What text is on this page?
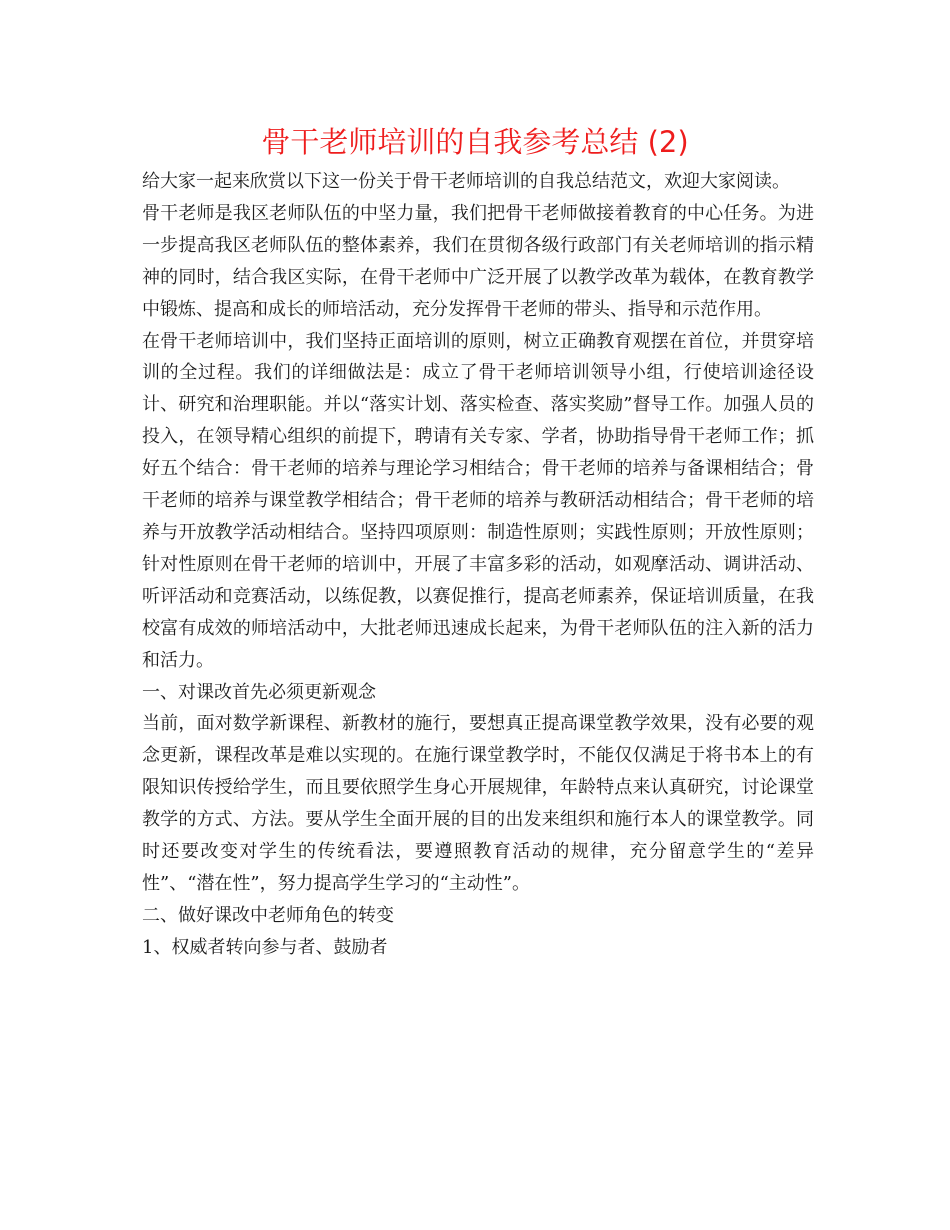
骨干老师培训的自我参考总结 (2)

给大家一起来欣赏以下这一份关于骨干老师培训的自我总结范文，欢迎大家阅读。

骨干老师是我区老师队伍的中坚力量，我们把骨干老师做接着教育的中心任务。为进一步提高我区老师队伍的整体素养，我们在贯彻各级行政部门有关老师培训的指示精神的同时，结合我区实际，在骨干老师中广泛开展了以教学改革为载体，在教育教学中锻炼、提高和成长的师培活动，充分发挥骨干老师的带头、指导和示范作用。

在骨干老师培训中，我们坚持正面培训的原则，树立正确教育观摆在首位，并贯穿培训的全过程。我们的详细做法是：成立了骨干老师培训领导小组，行使培训途径设计、研究和治理职能。并以“落实计划、落实检查、落实奖励”督导工作。加强人员的投入，在领导精心组织的前提下，聘请有关专家、学者，协助指导骨干老师工作；抓好五个结合：骨干老师的培养与理论学习相结合；骨干老师的培养与备课相结合；骨干老师的培养与课堂教学相结合；骨干老师的培养与教研活动相结合；骨干老师的培养与开放教学活动相结合。坚持四项原则：制造性原则；实践性原则；开放性原则；针对性原则在骨干老师的培训中，开展了丰富多彩的活动，如观摩活动、调讲活动、听评活动和竞赛活动，以练促教，以赛促推行，提高老师素养，保证培训质量，在我校富有成效的师培活动中，大批老师迅速成长起来，为骨干老师队伍的注入新的活力和活力。

一、对课改首先必须更新观念

当前，面对数学新课程、新教材的施行，要想真正提高课堂教学效果，没有必要的观念更新，课程改革是难以实现的。在施行课堂教学时，不能仅仅满足于将书本上的有限知识传授给学生，而且要依照学生身心开展规律，年龄特点来认真研究，讨论课堂教学的方式、方法。要从学生全面开展的目的出发来组织和施行本人的课堂教学。同时还要改变对学生的传统看法，要遵照教育活动的规律，充分留意学生的“差异性”、“潜在性”，努力提高学生学习的“主动性”。

二、做好课改中老师角色的转变

1、权威者转向参与者、鼓励者
